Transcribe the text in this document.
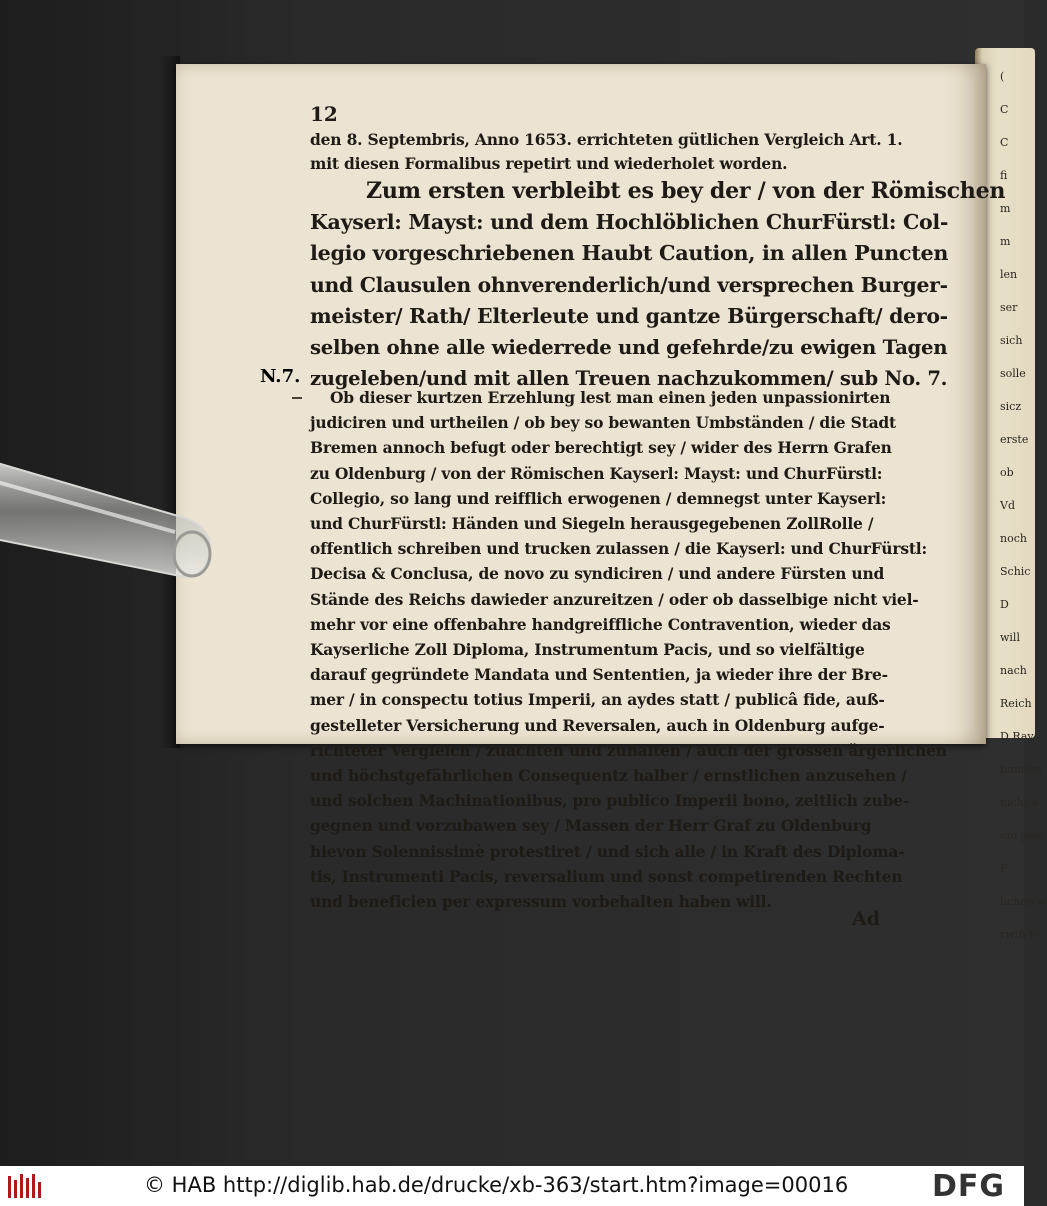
(
C
C
fi
m
m
len
ser
sich
solle
sicz
erste
ob
Vd
noch
Schic
D
will
nach
Reich
D Ray
bunden
nicht a
ein gew
F
lichen w
rwiß Fr
12
den 8. Septembris, Anno 1653. errichteten gütlichen Vergleich Art. 1.
mit diesen Formalibus repetirt und wiederholet worden.
Zum ersten verbleibt es bey der / von der Römischen
Kayserl: Mayst: und dem Hochlöblichen ChurFürstl: Col-
legio vorgeschriebenen Haubt Caution, in allen Puncten
und Clausulen ohnverenderlich/und versprechen Burger-
meister/ Rath/ Elterleute und gantze Bürgerschaft/ dero-
selben ohne alle wiederrede und gefehrde/zu ewigen Tagen
zugeleben/und mit allen Treuen nachzukommen/ sub No. 7.
Ob dieser kurtzen Erzehlung lest man einen jeden unpassionirten
judiciren und urtheilen / ob bey so bewanten Umbständen / die Stadt
Bremen annoch befugt oder berechtigt sey / wider des Herrn Grafen
zu Oldenburg / von der Römischen Kayserl: Mayst: und ChurFürstl:
Collegio, so lang und reifflich erwogenen / demnegst unter Kayserl:
und ChurFürstl: Händen und Siegeln herausgegebenen ZollRolle /
offentlich schreiben und trucken zulassen / die Kayserl: und ChurFürstl:
Decisa & Conclusa, de novo zu syndiciren / und andere Fürsten und
Stände des Reichs dawieder anzureitzen / oder ob dasselbige nicht viel-
mehr vor eine offenbahre handgreiffliche Contravention, wieder das
Kayserliche Zoll Diploma, Instrumentum Pacis, und so vielfältige
darauf gegründete Mandata und Sententien, ja wieder ihre der Bre-
mer / in conspectu totius Imperii, an aydes statt / publicâ fide, auß-
gestelleter Versicherung und Reversalen, auch in Oldenburg aufge-
richteter Vergleich / zuachten und zuhalten / auch der grossen ärgerlichen
und höchstgefährlichen Consequentz halber / ernstlichen anzusehen /
und solchen Machinationibus, pro publico Imperii bono, zeitlich zube-
gegnen und vorzubawen sey / Massen der Herr Graf zu Oldenburg
hievon Solennissimè protestiret / und sich alle / in Kraft des Diploma-
tis, Instrumenti Pacis, reversalium und sonst competirenden Rechten
und beneficien per expressum vorbehalten haben will.
Ad
N.7.
© HAB http://diglib.hab.de/drucke/xb-363/start.htm?image=00016	DFG
